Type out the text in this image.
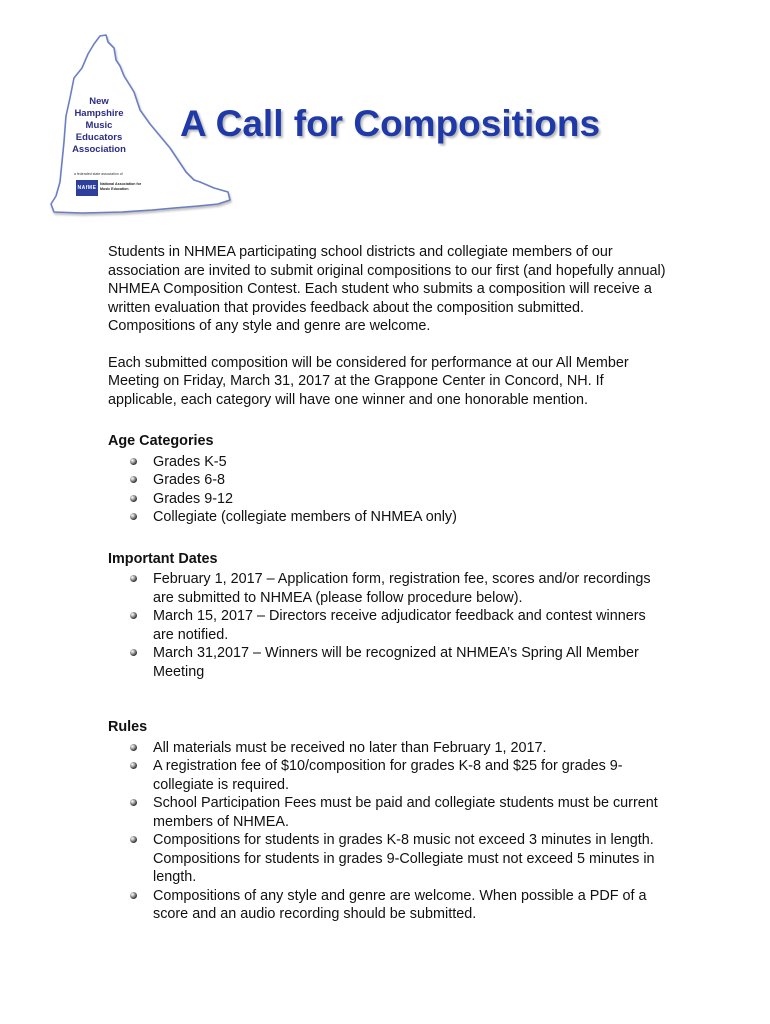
New
Hampshire
Music
Educators
Association
a federated state association of
NAfME
National Association for Music Education
A Call for Compositions

Students in NHMEA participating school districts and collegiate members of our association are invited to submit original compositions to our first (and hopefully annual) NHMEA Composition Contest. Each student who submits a composition will receive a written evaluation that provides feedback about the composition submitted. Compositions of any style and genre are welcome.

Each submitted composition will be considered for performance at our All Member Meeting on Friday, March 31, 2017 at the Grappone Center in Concord, NH. If applicable, each category will have one winner and one honorable mention.

Age Categories
Grades K-5
Grades 6-8
Grades 9-12
Collegiate (collegiate members of NHMEA only)
Important Dates
February 1, 2017 – Application form, registration fee, scores and/or recordings are submitted to NHMEA (please follow procedure below).
March 15, 2017 – Directors receive adjudicator feedback and contest winners are notified.
March 31,2017 – Winners will be recognized at NHMEA’s Spring All Member Meeting
Rules
All materials must be received no later than February 1, 2017.
A registration fee of $10/composition for grades K-8 and $25 for grades 9-collegiate is required.
School Participation Fees must be paid and collegiate students must be current members of NHMEA.
Compositions for students in grades K-8 music not exceed 3 minutes in length. Compositions for students in grades 9-Collegiate must not exceed 5 minutes in length.
Compositions of any style and genre are welcome. When possible a PDF of a score and an audio recording should be submitted.
